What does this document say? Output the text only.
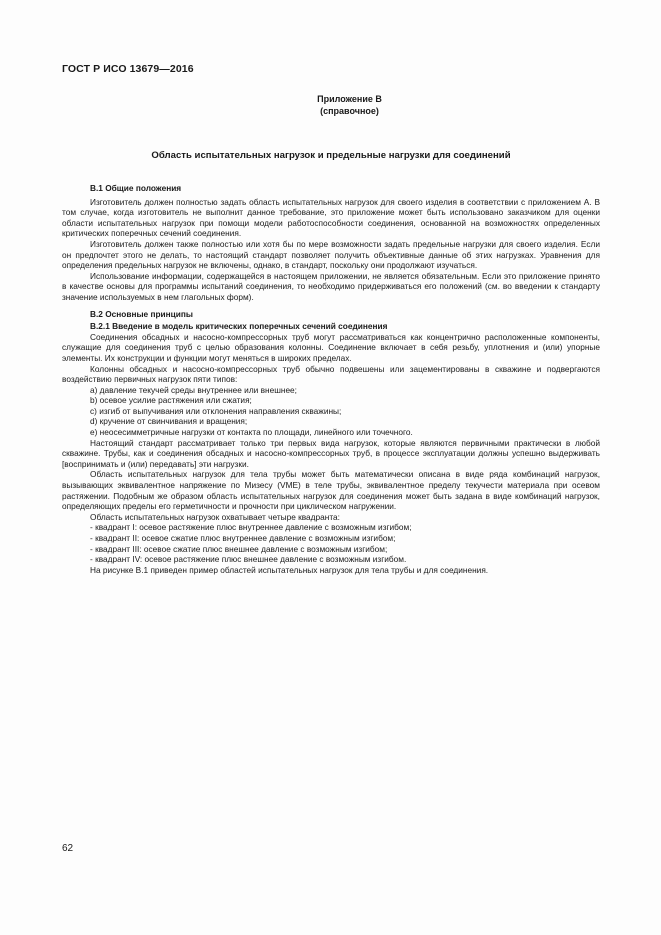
ГОСТ Р ИСО 13679—2016
Приложение В
(справочное)
Область испытательных нагрузок и предельные нагрузки для соединений

В.1 Общие положения

Изготовитель должен полностью задать область испытательных нагрузок для своего изделия в соответствии с приложением А. В том случае, когда изготовитель не выполнит данное требование, это приложение может быть использовано заказчиком для оценки области испытательных нагрузок при помощи модели работоспособности соединения, основанной на возможностях определенных критических поперечных сечений соединения.

Изготовитель должен также полностью или хотя бы по мере возможности задать предельные нагрузки для своего изделия. Если он предпочтет этого не делать, то настоящий стандарт позволяет получить объективные данные об этих нагрузках. Уравнения для определения предельных нагрузок не включены, однако, в стандарт, поскольку они продолжают изучаться.

Использование информации, содержащейся в настоящем приложении, не является обязательным. Если это приложение принято в качестве основы для программы испытаний соединения, то необходимо придерживаться его положений (см. во введении к стандарту значение используемых в нем глагольных форм).

В.2 Основные принципы

В.2.1 Введение в модель критических поперечных сечений соединения

Соединения обсадных и насосно-компрессорных труб могут рассматриваться как концентрично расположенные компоненты, служащие для соединения труб с целью образования колонны. Соединение включает в себя резьбу, уплотнения и (или) упорные элементы. Их конструкции и функции могут меняться в широких пределах.

Колонны обсадных и насосно-компрессорных труб обычно подвешены или зацементированы в скважине и подвергаются воздействию первичных нагрузок пяти типов:

a) давление текучей среды внутреннее или внешнее;

b) осевое усилие растяжения или сжатия;

c) изгиб от выпучивания или отклонения направления скважины;

d) кручение от свинчивания и вращения;

e) неосесимметричные нагрузки от контакта по площади, линейного или точечного.

Настоящий стандарт рассматривает только три первых вида нагрузок, которые являются первичными практически в любой скважине. Трубы, как и соединения обсадных и насосно-компрессорных труб, в процессе эксплуатации должны успешно выдерживать [воспринимать и (или) передавать] эти нагрузки.

Область испытательных нагрузок для тела трубы может быть математически описана в виде ряда комбинаций нагрузок, вызывающих эквивалентное напряжение по Мизесу (VME) в теле трубы, эквивалентное пределу текучести материала при осевом растяжении. Подобным же образом область испытательных нагрузок для соединения может быть задана в виде комбинаций нагрузок, определяющих пределы его герметичности и прочности при циклическом нагружении.

Область испытательных нагрузок охватывает четыре квадранта:

- квадрант I: осевое растяжение плюс внутреннее давление с возможным изгибом;

- квадрант II: осевое сжатие плюс внутреннее давление с возможным изгибом;

- квадрант III: осевое сжатие плюс внешнее давление с возможным изгибом;

- квадрант IV: осевое растяжение плюс внешнее давление с возможным изгибом.

На рисунке В.1 приведен пример областей испытательных нагрузок для тела трубы и для соединения.

62
